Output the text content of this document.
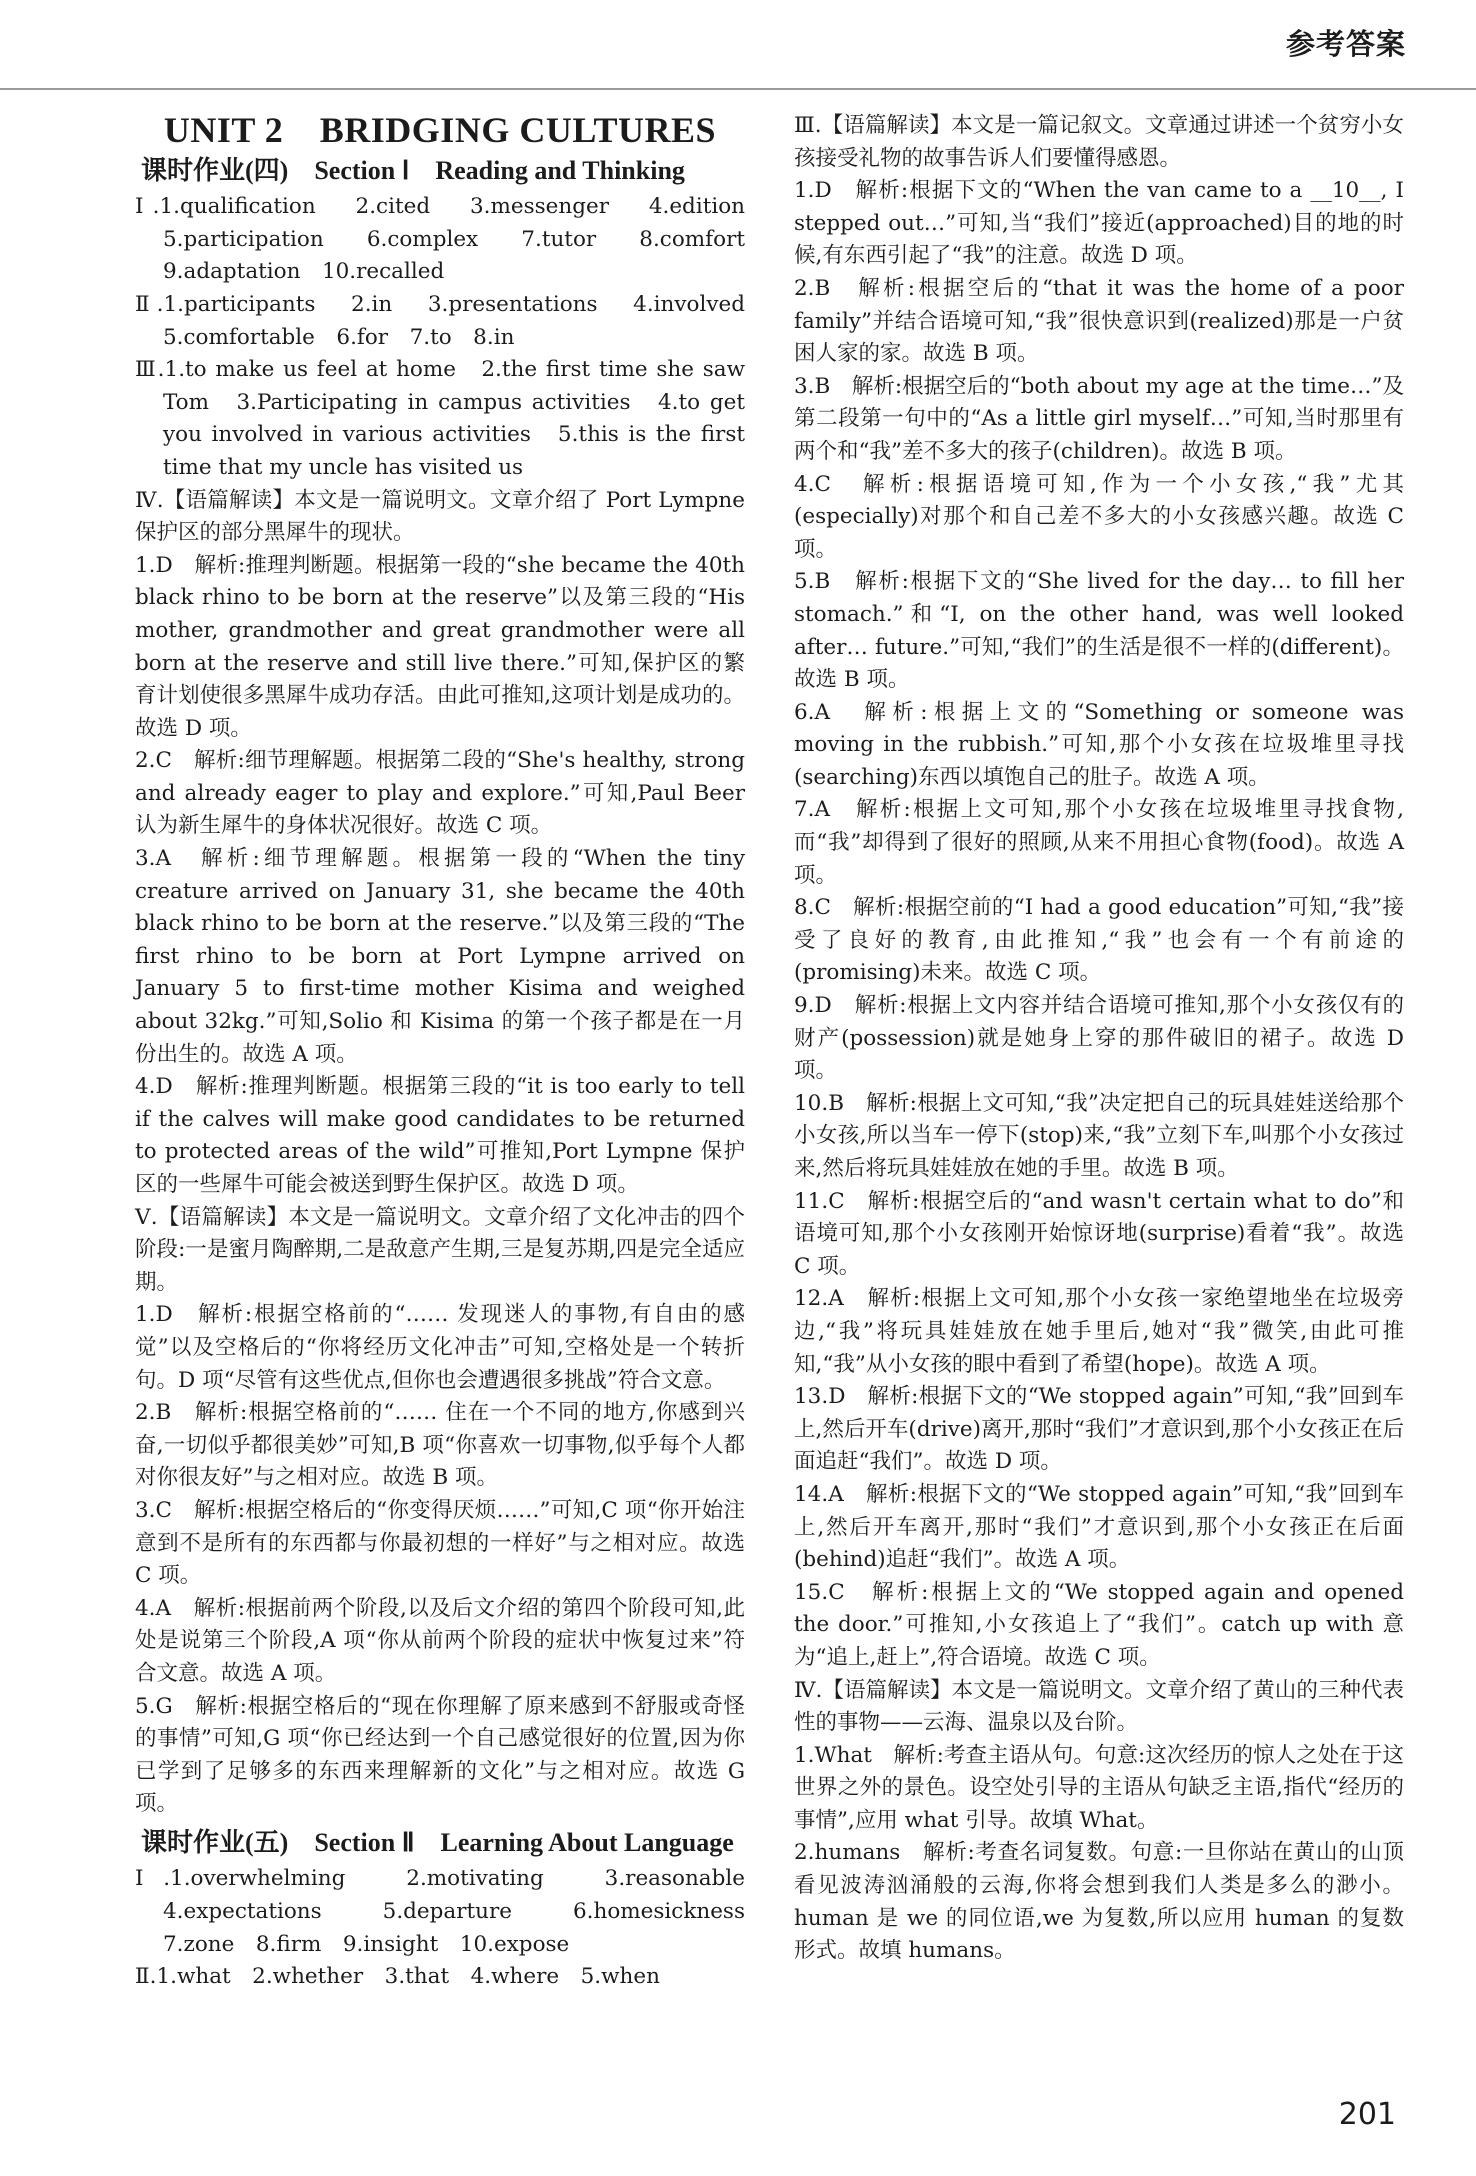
参考答案
UNIT 2　BRIDGING CULTURES
课时作业(四)　Section Ⅰ　Reading and Thinking

Ⅰ.1.qualification　2.cited　3.messenger　4.edition　5.participation　6.complex　7.tutor　8.comfort　9.adaptation　10.recalled

Ⅱ.1.participants　2.in　3.presentations　4.involved　5.comfortable　6.for　7.to　8.in

Ⅲ.1.to make us feel at home　2.the first time she saw Tom　3.Participating in campus activities　4.to get you involved in various activities　5.this is the first time that my uncle has visited us

Ⅳ.【语篇解读】本文是一篇说明文。文章介绍了 Port Lympne 保护区的部分黑犀牛的现状。

1.D　解析:推理判断题。根据第一段的“she became the 40th black rhino to be born at the reserve”以及第三段的“His mother, grandmother and great grandmother were all born at the reserve and still live there.”可知,保护区的繁育计划使很多黑犀牛成功存活。由此可推知,这项计划是成功的。故选 D 项。

2.C　解析:细节理解题。根据第二段的“She's healthy, strong and already eager to play and explore.”可知,Paul Beer 认为新生犀牛的身体状况很好。故选 C 项。

3.A　解析:细节理解题。根据第一段的“When the tiny creature arrived on January 31, she became the 40th black rhino to be born at the reserve.”以及第三段的“The first rhino to be born at Port Lympne arrived on January 5 to first-time mother Kisima and weighed about 32kg.”可知,Solio 和 Kisima 的第一个孩子都是在一月份出生的。故选 A 项。

4.D　解析:推理判断题。根据第三段的“it is too early to tell if the calves will make good candidates to be returned to protected areas of the wild”可推知,Port Lympne 保护区的一些犀牛可能会被送到野生保护区。故选 D 项。

Ⅴ.【语篇解读】本文是一篇说明文。文章介绍了文化冲击的四个阶段:一是蜜月陶醉期,二是敌意产生期,三是复苏期,四是完全适应期。

1.D　解析:根据空格前的“…… 发现迷人的事物,有自由的感觉”以及空格后的“你将经历文化冲击”可知,空格处是一个转折句。D 项“尽管有这些优点,但你也会遭遇很多挑战”符合文意。

2.B　解析:根据空格前的“…… 住在一个不同的地方,你感到兴奋,一切似乎都很美妙”可知,B 项“你喜欢一切事物,似乎每个人都对你很友好”与之相对应。故选 B 项。

3.C　解析:根据空格后的“你变得厌烦……”可知,C 项“你开始注意到不是所有的东西都与你最初想的一样好”与之相对应。故选 C 项。

4.A　解析:根据前两个阶段,以及后文介绍的第四个阶段可知,此处是说第三个阶段,A 项“你从前两个阶段的症状中恢复过来”符合文意。故选 A 项。

5.G　解析:根据空格后的“现在你理解了原来感到不舒服或奇怪的事情”可知,G 项“你已经达到一个自己感觉很好的位置,因为你已学到了足够多的东西来理解新的文化”与之相对应。故选 G 项。

课时作业(五)　Section Ⅱ　Learning About Language

Ⅰ.1.overwhelming　2.motivating　3.reasonable　4.expectations　5.departure　6.homesickness　7.zone　8.firm　9.insight　10.expose

Ⅱ.1.what　2.whether　3.that　4.where　5.when

Ⅲ.【语篇解读】本文是一篇记叙文。文章通过讲述一个贫穷小女孩接受礼物的故事告诉人们要懂得感恩。

1.D　解析:根据下文的“When the van came to a __10__, I stepped out…”可知,当“我们”接近(approached)目的地的时候,有东西引起了“我”的注意。故选 D 项。

2.B　解析:根据空后的“that it was the home of a poor family”并结合语境可知,“我”很快意识到(realized)那是一户贫困人家的家。故选 B 项。

3.B　解析:根据空后的“both about my age at the time…”及第二段第一句中的“As a little girl myself…”可知,当时那里有两个和“我”差不多大的孩子(children)。故选 B 项。

4.C　解析:根据语境可知,作为一个小女孩,“我”尤其(especially)对那个和自己差不多大的小女孩感兴趣。故选 C 项。

5.B　解析:根据下文的“She lived for the day… to fill her stomach.”和“I, on the other hand, was well looked after… future.”可知,“我们”的生活是很不一样的(different)。故选 B 项。

6.A　解析:根据上文的“Something or someone was moving in the rubbish.”可知,那个小女孩在垃圾堆里寻找(searching)东西以填饱自己的肚子。故选 A 项。

7.A　解析:根据上文可知,那个小女孩在垃圾堆里寻找食物,而“我”却得到了很好的照顾,从来不用担心食物(food)。故选 A 项。

8.C　解析:根据空前的“I had a good education”可知,“我”接受了良好的教育,由此推知,“我”也会有一个有前途的(promising)未来。故选 C 项。

9.D　解析:根据上文内容并结合语境可推知,那个小女孩仅有的财产(possession)就是她身上穿的那件破旧的裙子。故选 D 项。

10.B　解析:根据上文可知,“我”决定把自己的玩具娃娃送给那个小女孩,所以当车一停下(stop)来,“我”立刻下车,叫那个小女孩过来,然后将玩具娃娃放在她的手里。故选 B 项。

11.C　解析:根据空后的“and wasn't certain what to do”和语境可知,那个小女孩刚开始惊讶地(surprise)看着“我”。故选 C 项。

12.A　解析:根据上文可知,那个小女孩一家绝望地坐在垃圾旁边,“我”将玩具娃娃放在她手里后,她对“我”微笑,由此可推知,“我”从小女孩的眼中看到了希望(hope)。故选 A 项。

13.D　解析:根据下文的“We stopped again”可知,“我”回到车上,然后开车(drive)离开,那时“我们”才意识到,那个小女孩正在后面追赶“我们”。故选 D 项。

14.A　解析:根据下文的“We stopped again”可知,“我”回到车上,然后开车离开,那时“我们”才意识到,那个小女孩正在后面(behind)追赶“我们”。故选 A 项。

15.C　解析:根据上文的“We stopped again and opened the door.”可推知,小女孩追上了“我们”。catch up with 意为“追上,赶上”,符合语境。故选 C 项。

Ⅳ.【语篇解读】本文是一篇说明文。文章介绍了黄山的三种代表性的事物——云海、温泉以及台阶。

1.What　解析:考查主语从句。句意:这次经历的惊人之处在于这世界之外的景色。设空处引导的主语从句缺乏主语,指代“经历的事情”,应用 what 引导。故填 What。

2.humans　解析:考查名词复数。句意:一旦你站在黄山的山顶看见波涛汹涌般的云海,你将会想到我们人类是多么的渺小。human 是 we 的同位语,we 为复数,所以应用 human 的复数形式。故填 humans。

201
